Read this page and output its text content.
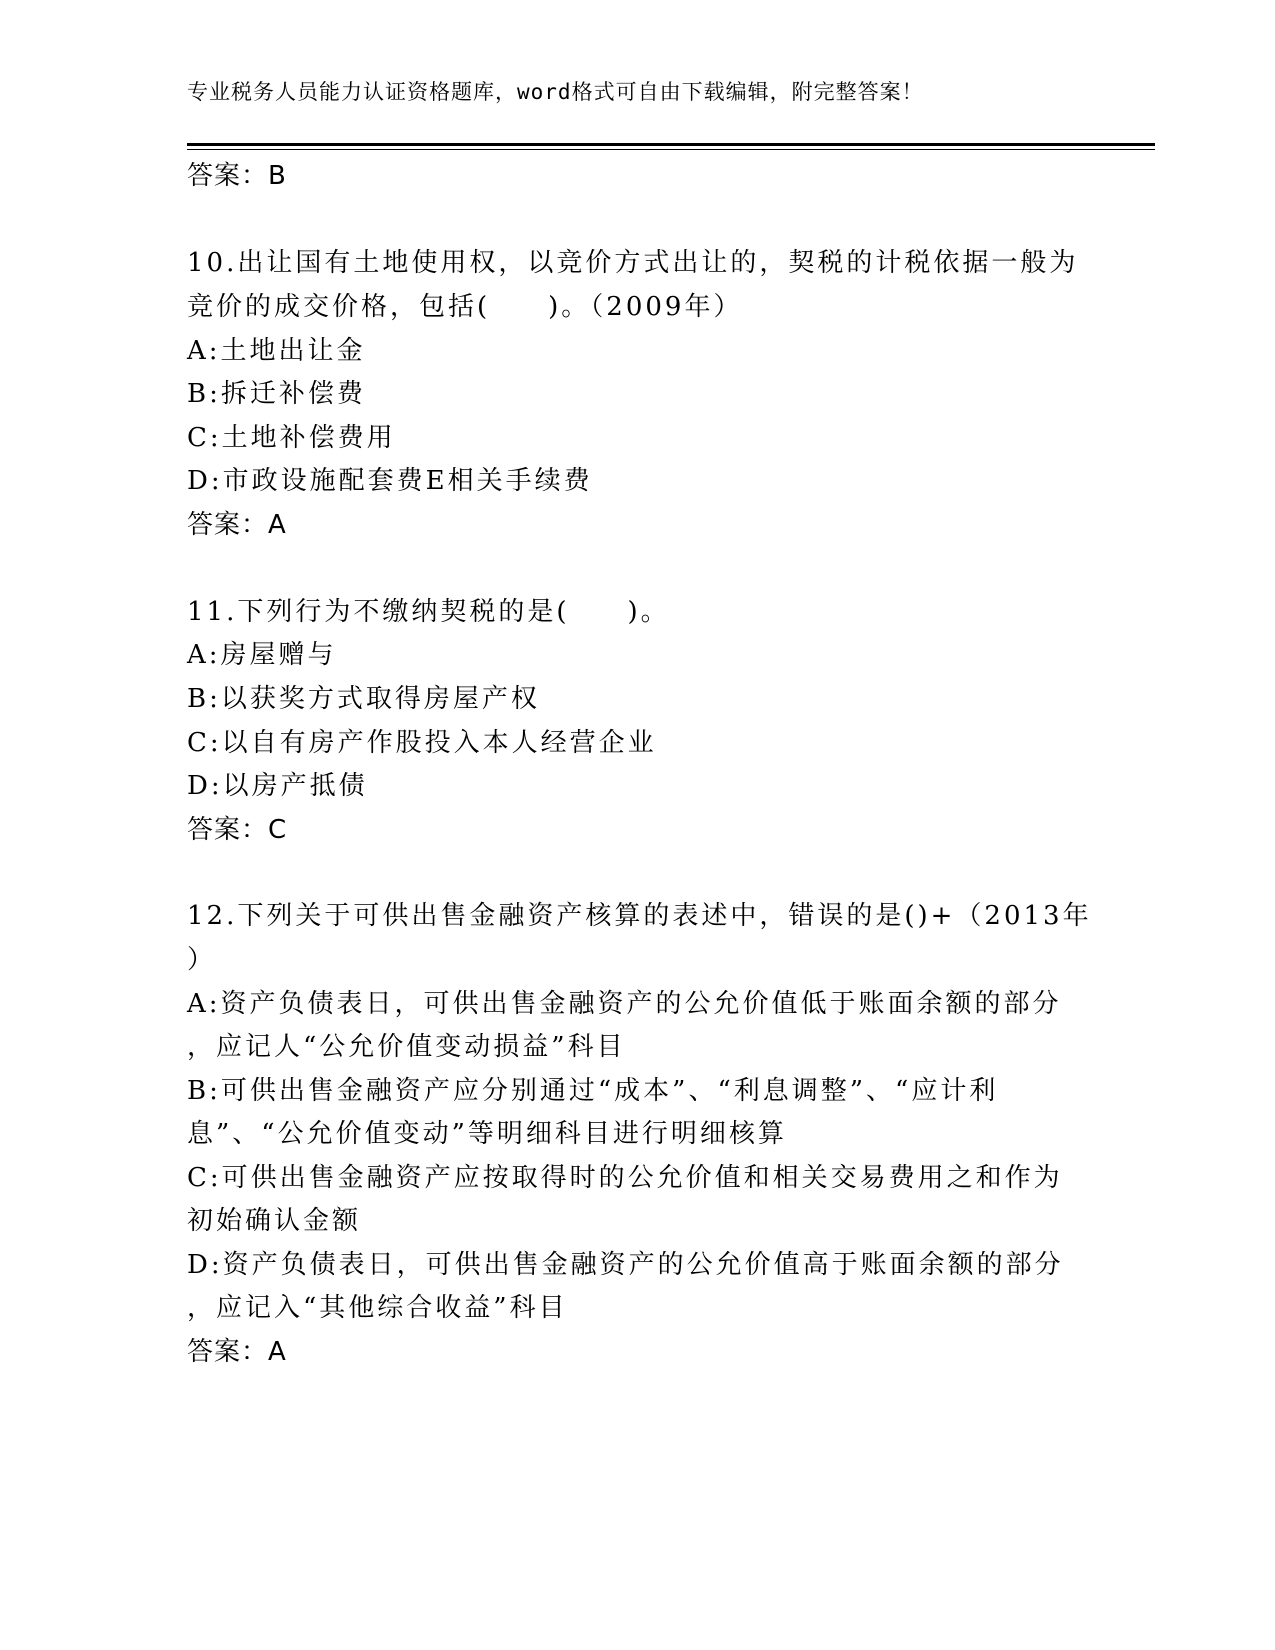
专业税务人员能力认证资格题库，word格式可自由下载编辑，附完整答案！
答案：B
10.出让国有土地使用权，以竞价方式出让的，契税的计税依据一般为
竞价的成交价格，包括(　　)。（2009年）
A:土地出让金
B:拆迁补偿费
C:土地补偿费用
D:市政设施配套费E相关手续费
答案：A
11.下列行为不缴纳契税的是(　　)。
A:房屋赠与
B:以获奖方式取得房屋产权
C:以自有房产作股投入本人经营企业
D:以房产抵债
答案：C
12.下列关于可供出售金融资产核算的表述中，错误的是()+（2013年
）
A:资产负债表日，可供出售金融资产的公允价值低于账面余额的部分
，应记人“公允价值变动损益”科目
B:可供出售金融资产应分别通过“成本”、“利息调整”、“应计利
息”、“公允价值变动”等明细科目进行明细核算
C:可供出售金融资产应按取得时的公允价值和相关交易费用之和作为
初始确认金额
D:资产负债表日，可供出售金融资产的公允价值高于账面余额的部分
，应记入“其他综合收益”科目
答案：A
